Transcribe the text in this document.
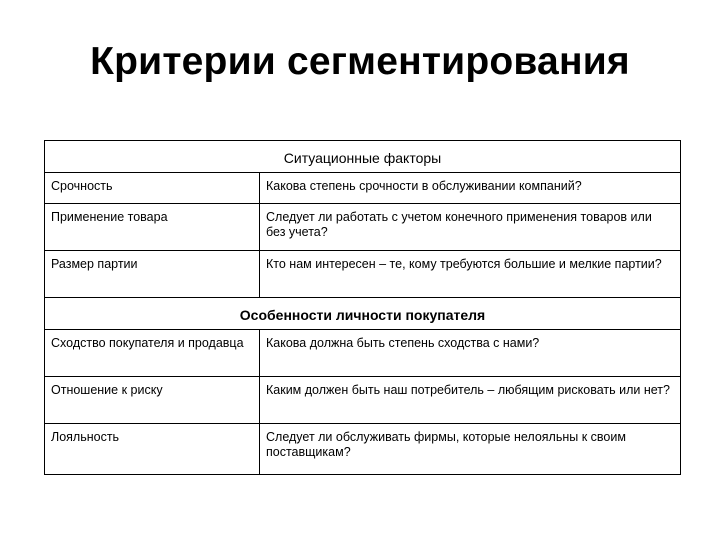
Критерии сегментирования
Ситуационные факторы	
Срочность	Какова степень срочности в обслуживании компаний?
Применение товара	Следует ли работать с учетом конечного применения товаров или без учета?
Размер партии	Кто нам интересен – те, кому требуются большие и мелкие партии?
Особенности личности покупателя	
Сходство покупателя и продавца	Какова должна быть степень сходства с нами?
Отношение к риску	Каким должен быть наш потребитель – любящим рисковать или нет?
Лояльность	Следует ли обслуживать фирмы, которые нелояльны к своим поставщикам?
